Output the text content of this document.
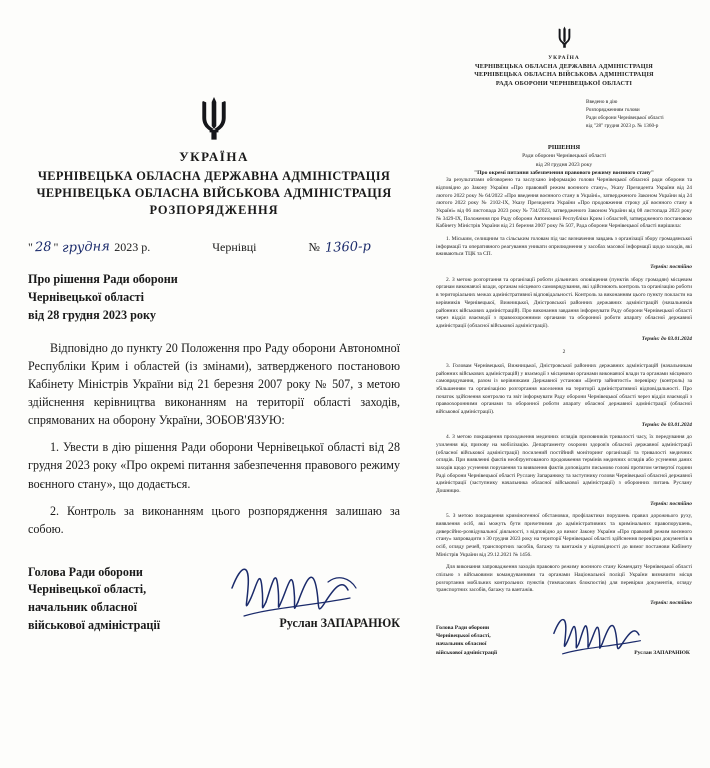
УКРАЇНА
ЧЕРНІВЕЦЬКА ОБЛАСНА ДЕРЖАВНА АДМІНІСТРАЦІЯ
ЧЕРНІВЕЦЬКА ОБЛАСНА ВІЙСЬКОВА АДМІНІСТРАЦІЯ
РОЗПОРЯДЖЕННЯ
" 28 " грудня 2023 р.	Чернівці	№ 1360-р
Про рішення Ради оборони
Чернівецької області
від 28 грудня 2023 року

Відповідно до пункту 20 Положення про Раду оборони Автономної Республіки Крим і областей (із змінами), затвердженого постановою Кабінету Міністрів України від 21 березня 2007 року № 507, з метою здійснення керівництва виконанням на території області заходів, спрямованих на оборону України, ЗОБОВ'ЯЗУЮ:

1. Увести в дію рішення Ради оборони Чернівецької області від 28 грудня 2023 року «Про окремі питання забезпечення правового режиму воєнного стану», що додається.

2. Контроль за виконанням цього розпорядження залишаю за собою.

Голова Ради оборони
Чернівецької області,
начальник обласної
військової адміністрації	Руслан ЗАПАРАНЮК
УКРАЇНА
ЧЕРНІВЕЦЬКА ОБЛАСНА ДЕРЖАВНА АДМІНІСТРАЦІЯ
ЧЕРНІВЕЦЬКА ОБЛАСНА ВІЙСЬКОВА АДМІНІСТРАЦІЯ
РАДА ОБОРОНИ ЧЕРНІВЕЦЬКОЇ ОБЛАСТІ
Введено в дію
Розпорядженням голови
Ради оборони Чернівецької області
від "28" грудня 2023 р. № 1360-р
РІШЕННЯ
Ради оборони Чернівецької області
від 28 грудня 2023 року
"Про окремі питання забезпечення правового режиму воєнного стану"

За результатами обговорено та заслухано інформацію голови Чернівецької обласної ради оборони та відповідно до Закону України «Про правовий режим воєнного стану», Указу Президента України від 24 лютого 2022 року № 64/2022 «Про введення воєнного стану в Україні», затвердженого Законом України від 24 лютого 2022 року № 2102-ІХ, Указу Президента України «Про продовження строку дії воєнного стану в Україні» від 06 листопада 2023 року № 734/2023, затвердженого Законом України від 08 листопада 2023 року № 3429-ІХ, Положення про Раду оборони Автономної Республіки Крим і областей, затвердженого постановою Кабінету Міністрів України від 21 березня 2007 року № 507, Рада оборони Чернівецької області вирішила:

1. Міським, селищним та сільським головам під час визначення завдань з організації збору громадянської інформації та оперативного реагування уникати оприлюднення у засобах масової інформації щодо заходів, які вживаються ТЦК та СП.

Термін: постійно

2. З метою розгортання та організації роботи дільничих оповіщення (пунктів збору громадян) місцевим органам виконавчої влади, органам місцевого самоврядування, які здійснюють контроль та організацію роботи в територіальних межах адміністративної відповідальності. Контроль за виконанням цього пункту покласти на керівників Чернівецької, Вижницької, Дністровської районних державних адміністрацій (начальників районних військових адміністрацій). Про виконання завдання інформувати Раду оборони Чернівецької області через відділ взаємодії з правоохоронними органами та оборонної роботи апарату обласної державної адміністрації (обласної військової адміністрації).

Термін: до 03.01.2024

2

3. Головам Чернівецької, Вижницької, Дністровської районних державних адміністрацій (начальникам районних військових адміністрацій) у взаємодії з місцевими органами виконавчої влади та органами місцевого самоврядування, разом із керівниками Державної установи «Центр зайнятості» перевірку (контроль) за збільшенням та організацією розгортання населення на території адміністративної відповідальності. Про початок здійснення контролю та звіт інформувати Раду оборони Чернівецької області через відділ взаємодії з правоохоронними органами та оборонної роботи апарату обласної державної адміністрації (обласної військової адміністрації).

Термін: до 03.01.2024

4. З метою покращення проходження медичних оглядів призовників тривалості часу, їх передування до ухилення від призову на мобілізацію. Департаменту охорони здоров'я обласної державної адміністрації (обласної військової адміністрації) посилений постійний моніторинг організації та тривалості медичних оглядів. При виявленні фактів необґрунтованого продовження термінів медичних оглядів або усунення даних заходів щодо усунення порушення та виявлення фактів доповідати письмово голові протягом четвертої години Раді оборони Чернівецької області Руслану Запаранюку та заступнику голови Чернівецької обласної державної адміністрації (заступнику начальника обласної військової адміністрації) з оборонних питань Руслану Дошницю.

Термін: постійно

5. З метою покращення криміногенної обстановки, профілактики порушень правил дорожнього руху, виявлення осіб, які можуть бути причетними до адміністративних та кримінальних правопорушень, диверсійно-розвідувальної діяльності, з відповідно до вимог Закону України «Про правовий режим воєнного стану» запровадити з 30 грудня 2023 року на території Чернівецької області здійснення перевірки документів в осіб, огляду речей, транспортних засобів, багажу та вантажів у відповідності до вимог постанови Кабінету Міністрів України від 29.12.2021 № 1456.

Для виконання запровадження заходів правового режиму воєнного стану Комендату Чернівецької області спільно з військовими командуваннями та органами Національної поліції України визначити місця розгортання мобільних контрольних пунктів (тимчасових блокпостів) для перевірки документів, огляду транспортних засобів, багажу та вантажів.

Термін: постійно

Голова Ради оборони
Чернівецької області,
начальник обласної
військової адміністрації	Руслан ЗАПАРАНЮК
